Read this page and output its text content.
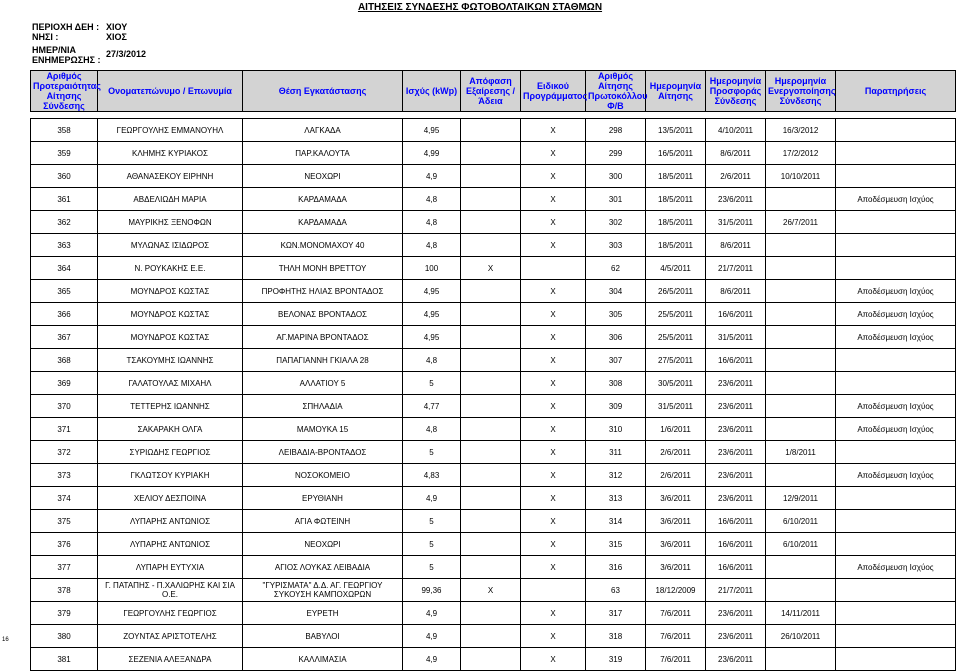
ΑΙΤΗΣΕΙΣ ΣΥΝΔΕΣΗΣ ΦΩΤΟΒΟΛΤΑΙΚΩΝ ΣΤΑΘΜΩΝ
ΠΕΡΙΟΧΗ ΔΕΗ : ΧΙΟΥ
ΝΗΣΙ :	ΧΙΟΣ
ΗΜΕΡ/ΝΙΑ
ΕΝΗΜΕΡΩΣΗΣ :27/3/2012
Αριθμός Προτεραιότητας Αίτησης Σύνδεσης	Ονοματεπώνυμο / Επωνυμία	Θέση Εγκατάστασης	Ισχύς (kWp)	Απόφαση Εξαίρεσης / Άδεια	Ειδικού Προγράμματος	Αριθμός Αίτησης Πρωτοκόλλου Φ/Β	Ημερομηνία Αίτησης	Ημερομηνία Προσφοράς Σύνδεσης	Ημερομηνία Ενεργοποίησης Σύνδεσης	Παρατηρήσεις

358	ΓΕΩΡΓΟΥΛΗΣ ΕΜΜΑΝΟΥΗΛ	ΛΑΓΚΑΔΑ	4,95		Χ	298	13/5/2011	4/10/2011	16/3/2012	
359	ΚΛΗΜΗΣ ΚΥΡΙΑΚΟΣ	ΠΑΡ.ΚΑΛΟΥΤΑ	4,99		Χ	299	16/5/2011	8/6/2011	17/2/2012	
360	ΑΘΑΝΑΣΕΚΟΥ ΕΙΡΗΝΗ	ΝΕΟΧΩΡΙ	4,9		Χ	300	18/5/2011	2/6/2011	10/10/2011	
361	ΑΒΔΕΛΙΩΔΗ ΜΑΡΙΑ	ΚΑΡΔΑΜΑΔΑ	4,8		Χ	301	18/5/2011	23/6/2011		Αποδέσμευση Ισχύος
362	ΜΑΥΡΙΚΗΣ ΞΕΝΟΦΩΝ	ΚΑΡΔΑΜΑΔΑ	4,8		Χ	302	18/5/2011	31/5/2011	26/7/2011	
363	ΜΥΛΩΝΑΣ ΙΣΙΔΩΡΟΣ	ΚΩΝ.ΜΟΝΟΜΑΧΟΥ 40	4,8		Χ	303	18/5/2011	8/6/2011		
364	Ν. ΡΟΥΚΑΚΗΣ Ε.Ε.	ΤΗΛΗ ΜΟΝΗ ΒΡΕΤΤΟΥ	100	Χ		62	4/5/2011	21/7/2011		
365	ΜΟΥΝΔΡΟΣ ΚΩΣΤΑΣ	ΠΡΟΦΗΤΗΣ ΗΛΙΑΣ ΒΡΟΝΤΑΔΟΣ	4,95		Χ	304	26/5/2011	8/6/2011		Αποδέσμευση Ισχύος
366	ΜΟΥΝΔΡΟΣ ΚΩΣΤΑΣ	ΒΕΛΟΝΑΣ ΒΡΟΝΤΑΔΟΣ	4,95		Χ	305	25/5/2011	16/6/2011		Αποδέσμευση Ισχύος
367	ΜΟΥΝΔΡΟΣ ΚΩΣΤΑΣ	ΑΓ.ΜΑΡΙΝΑ ΒΡΟΝΤΑΔΟΣ	4,95		Χ	306	25/5/2011	31/5/2011		Αποδέσμευση Ισχύος
368	ΤΣΑΚΟΥΜΗΣ ΙΩΑΝΝΗΣ	ΠΑΠΑΓΙΑΝΝΗ ΓΚΙΑΛΑ 28	4,8		Χ	307	27/5/2011	16/6/2011		
369	ΓΑΛΑΤΟΥΛΑΣ ΜΙΧΑΗΛ	ΑΛΛΑΤΙΟΥ 5	5		Χ	308	30/5/2011	23/6/2011		
370	ΤΕΤΤΕΡΗΣ ΙΩΑΝΝΗΣ	ΣΠΗΛΑΔΙΑ	4,77		Χ	309	31/5/2011	23/6/2011		Αποδέσμευση Ισχύος
371	ΣΑΚΑΡΑΚΗ ΟΛΓΑ	ΜΑΜΟΥΚΑ 15	4,8		Χ	310	1/6/2011	23/6/2011		Αποδέσμευση Ισχύος
372	ΣΥΡΙΩΔΗΣ ΓΕΩΡΓΙΟΣ	ΛΕΙΒΑΔΙΑ-ΒΡΟΝΤΑΔΟΣ	5		Χ	311	2/6/2011	23/6/2011	1/8/2011	
373	ΓΚΛΩΤΣΟΥ ΚΥΡΙΑΚΗ	ΝΟΣΟΚΟΜΕΙΟ	4,83		Χ	312	2/6/2011	23/6/2011		Αποδέσμευση Ισχύος
374	ΧΕΛΙΟΥ ΔΕΣΠΟΙΝΑ	ΕΡΥΘΙΑΝΗ	4,9		Χ	313	3/6/2011	23/6/2011	12/9/2011	
375	ΛΥΠΑΡΗΣ ΑΝΤΩΝΙΟΣ	ΑΓΙΑ ΦΩΤΕΙΝΗ	5		Χ	314	3/6/2011	16/6/2011	6/10/2011	
376	ΛΥΠΑΡΗΣ ΑΝΤΩΝΙΟΣ	ΝΕΟΧΩΡΙ	5		Χ	315	3/6/2011	16/6/2011	6/10/2011	
377	ΛΥΠΑΡΗ ΕΥΤΥΧΙΑ	ΑΓΙΟΣ ΛΟΥΚΑΣ ΛΕΙΒΑΔΙΑ	5		Χ	316	3/6/2011	16/6/2011		Αποδέσμευση Ισχύος
378	Γ. ΠΑΤΑΠΗΣ - Π.ΧΑΛΙΩΡΗΣ ΚΑΙ ΣΙΑ Ο.Ε.	"ΓΥΡΙΣΜΑΤΑ" Δ.Δ. ΑΓ. ΓΕΩΡΓΙΟΥ ΣΥΚΟΥΣΗ ΚΑΜΠΟΧΩΡΩΝ	99,36	Χ		63	18/12/2009	21/7/2011		
379	ΓΕΩΡΓΟΥΛΗΣ ΓΕΩΡΓΙΟΣ	ΕΥΡΕΤΗ	4,9		Χ	317	7/6/2011	23/6/2011	14/11/2011	
380	ΖΟΥΝΤΑΣ ΑΡΙΣΤΟΤΕΛΗΣ	ΒΑΒΥΛΟΙ	4,9		Χ	318	7/6/2011	23/6/2011	26/10/2011	
381	ΣΕΖΕΝΙΑ ΑΛΕΞΑΝΔΡΑ	ΚΑΛΛΙΜΑΣΙΑ	4,9		Χ	319	7/6/2011	23/6/2011		
16
